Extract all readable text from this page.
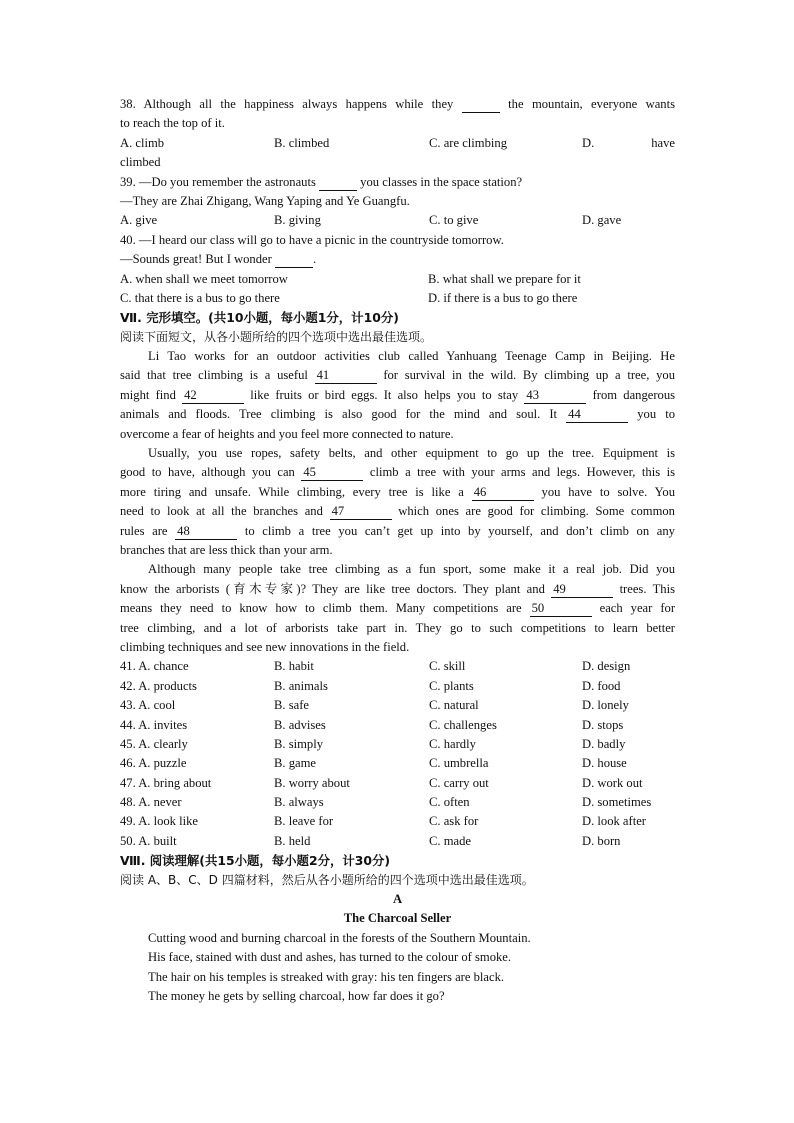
38. Although all the happiness always happens while they	the mountain, everyone wants
to reach the top of it.
A. climb	B. climbed	C. are climbing	D.	have
climbed
39. —Do you remember the astronauts	you classes in the space station?
—They are Zhai Zhigang, Wang Yaping and Ye Guangfu.
A. give	B. giving	C. to give	D. gave
40. —I heard our class will go to have a picnic in the countryside tomorrow.
—Sounds great! But I wonder	.
A. when shall we meet tomorrow	B. what shall we prepare for it
C. that there is a bus to go there	D. if there is a bus to go there
Ⅶ. 完形填空。(共10小题，每小题1分，计10分)
阅读下面短文，从各小题所给的四个选项中选出最佳选项。
Li Tao works for an outdoor activities club called Yanhuang Teenage Camp in Beijing. He
said that tree climbing is a useful 41	for survival in the wild. By climbing up a tree, you
might find 42	like fruits or bird eggs. It also helps you to stay 43	from dangerous
animals and floods. Tree climbing is also good for the mind and soul. It 44	you to
overcome a fear of heights and you feel more connected to nature.
Usually, you use ropes, safety belts, and other equipment to go up the tree. Equipment is
good to have, although you can 45	climb a tree with your arms and legs. However, this is
more tiring and unsafe. While climbing, every tree is like a 46	you have to solve. You
need to look at all the branches and 47	which ones are good for climbing. Some common
rules are 48	to climb a tree you can’t get up into by yourself, and don’t climb on any
branches that are less thick than your arm.
Although many people take tree climbing as a fun sport, some make it a real job. Did you
know the arborists (育木专家)? They are like tree doctors. They plant and 49	trees. This
means they need to know how to climb them. Many competitions are 50	each year for
tree climbing, and a lot of arborists take part in. They go to such competitions to learn better
climbing techniques and see new innovations in the field.
41. A. chance	B. habit	C. skill	D. design
42. A. products	B. animals	C. plants	D. food
43. A. cool	B. safe	C. natural	D. lonely
44. A. invites	B. advises	C. challenges	D. stops
45. A. clearly	B. simply	C. hardly	D. badly
46. A. puzzle	B. game	C. umbrella	D. house
47. A. bring about	B. worry about	C. carry out	D. work out
48. A. never	B. always	C. often	D. sometimes
49. A. look like	B. leave for	C. ask for	D. look after
50. A. built	B. held	C. made	D. born
Ⅷ. 阅读理解(共15小题，每小题2分，计30分)
阅读 A、B、C、D 四篇材料，然后从各小题所给的四个选项中选出最佳选项。
A
The Charcoal Seller
Cutting wood and burning charcoal in the forests of the Southern Mountain.
His face, stained with dust and ashes, has turned to the colour of smoke.
The hair on his temples is streaked with gray: his ten fingers are black.
The money he gets by selling charcoal, how far does it go?
